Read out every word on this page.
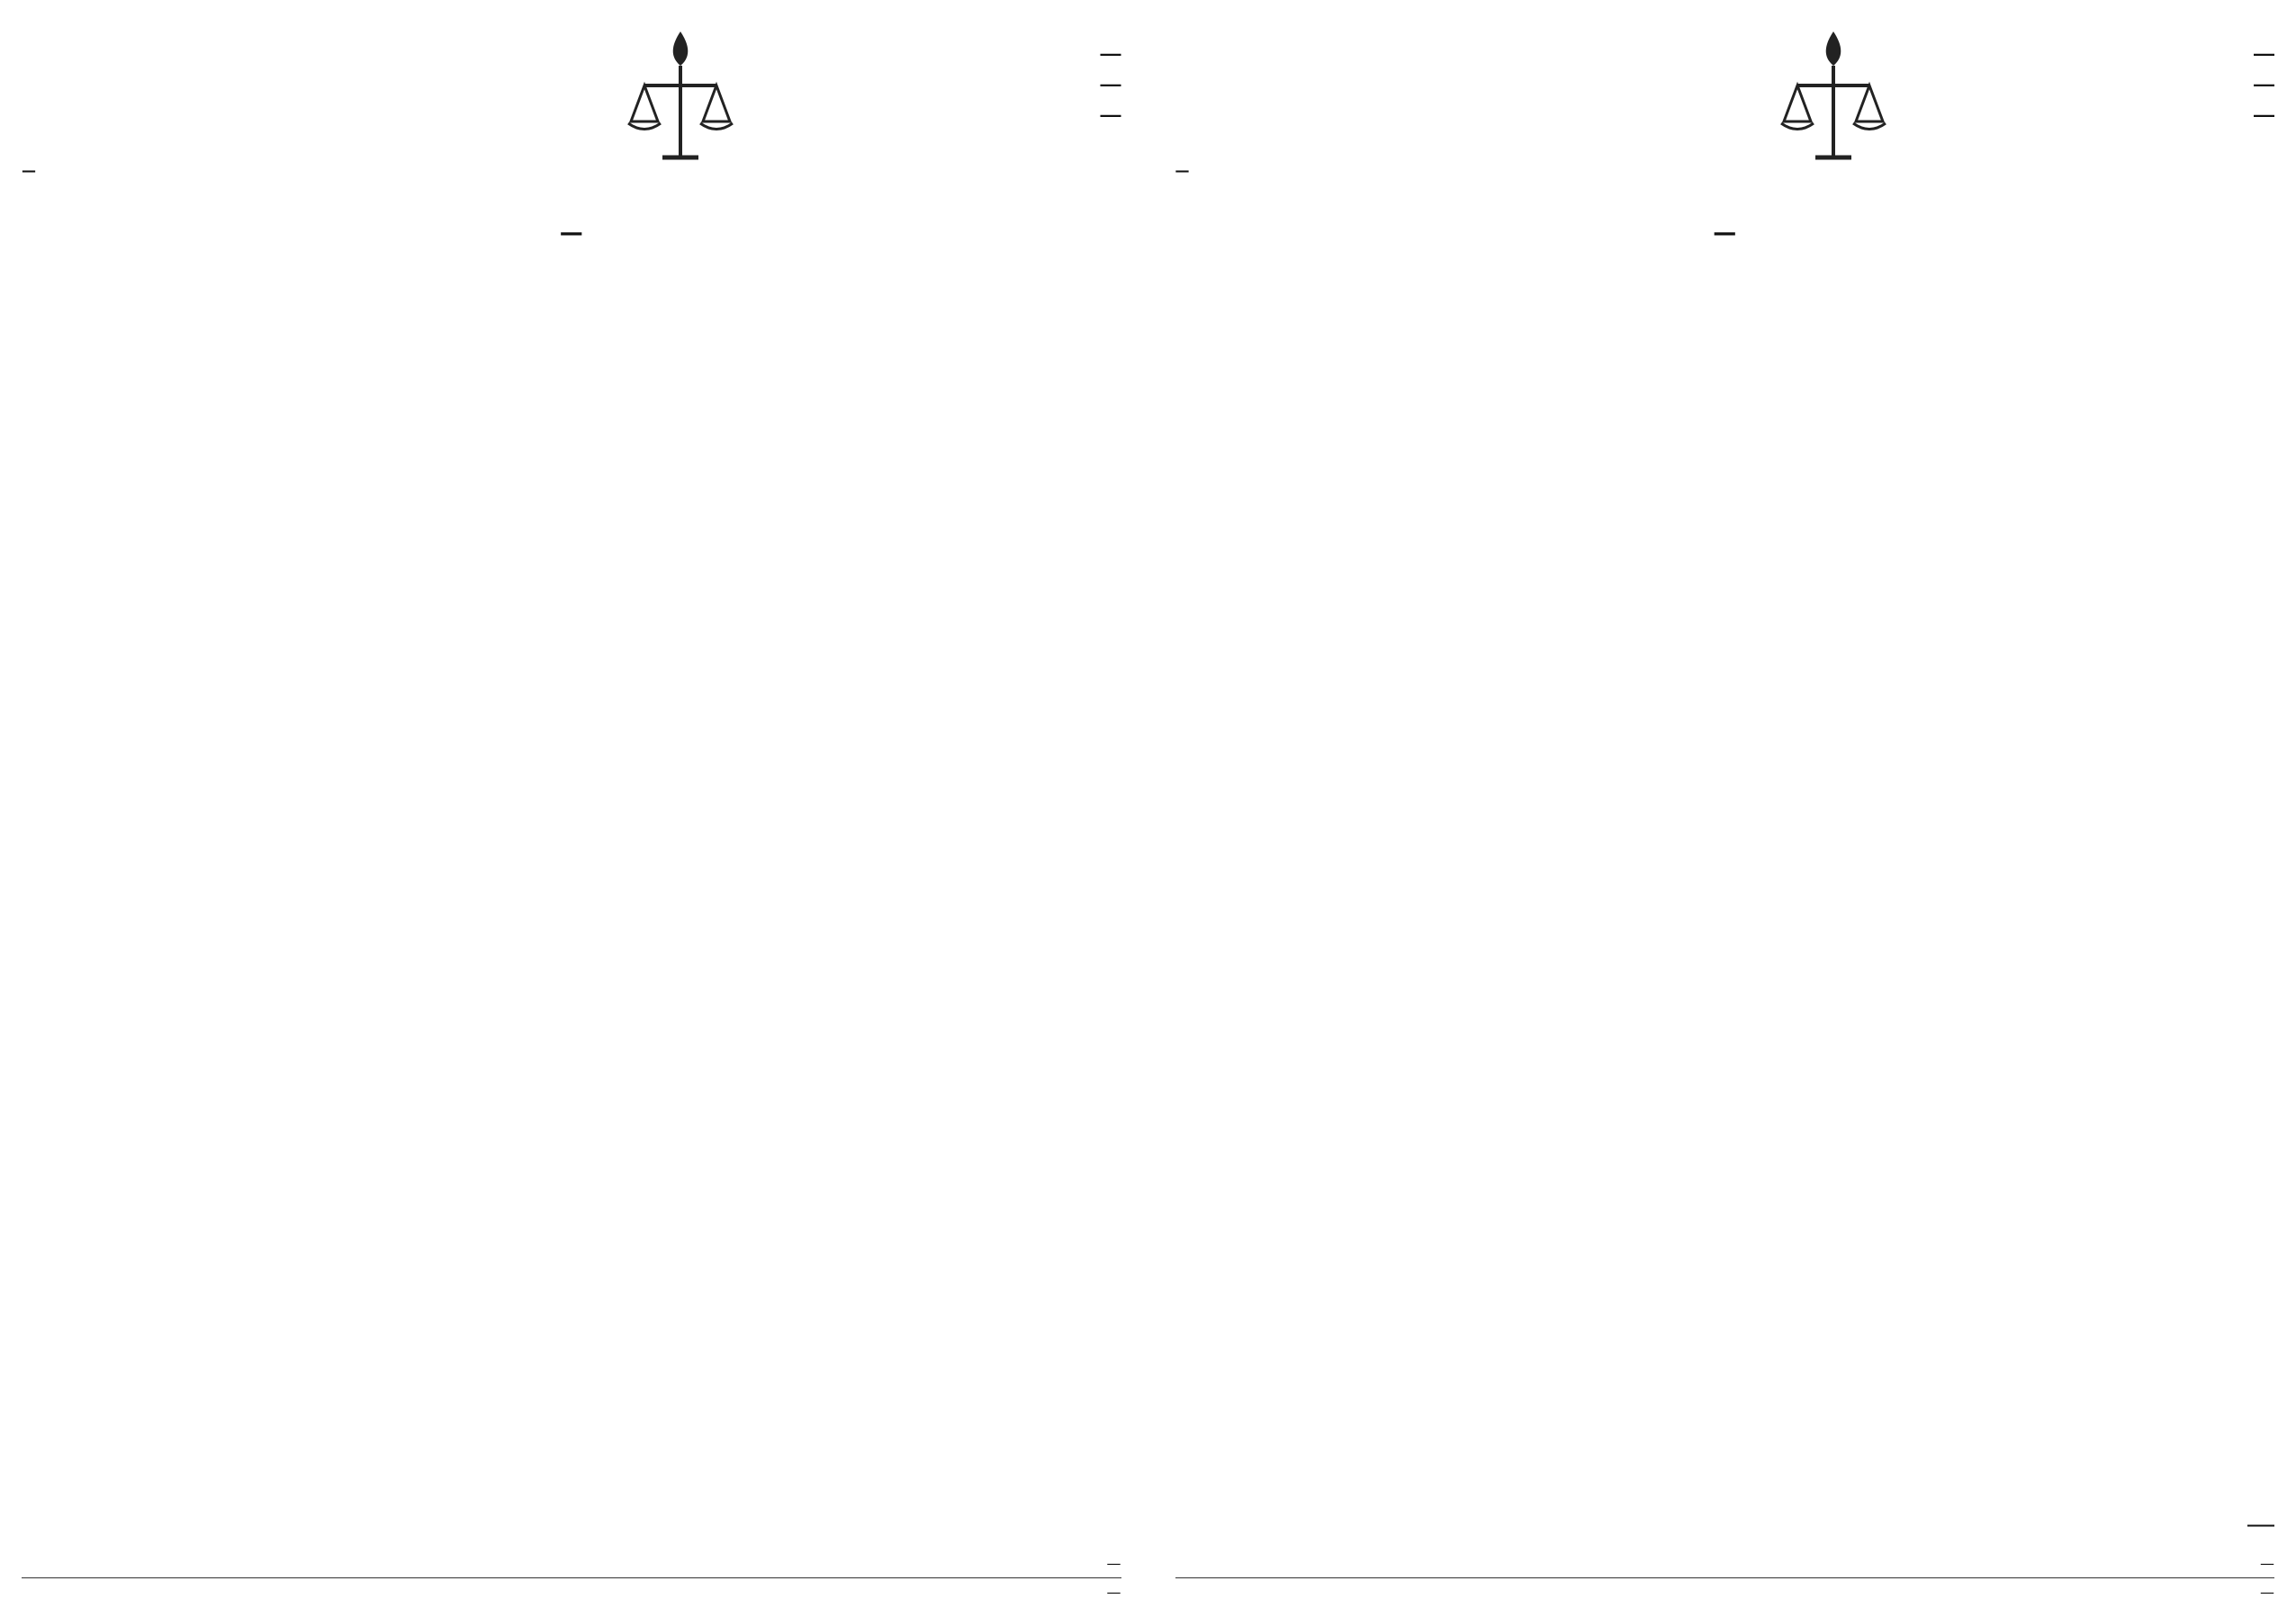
—
—
—
—
—
—
—
—
—
—
—
—
—
—
—
